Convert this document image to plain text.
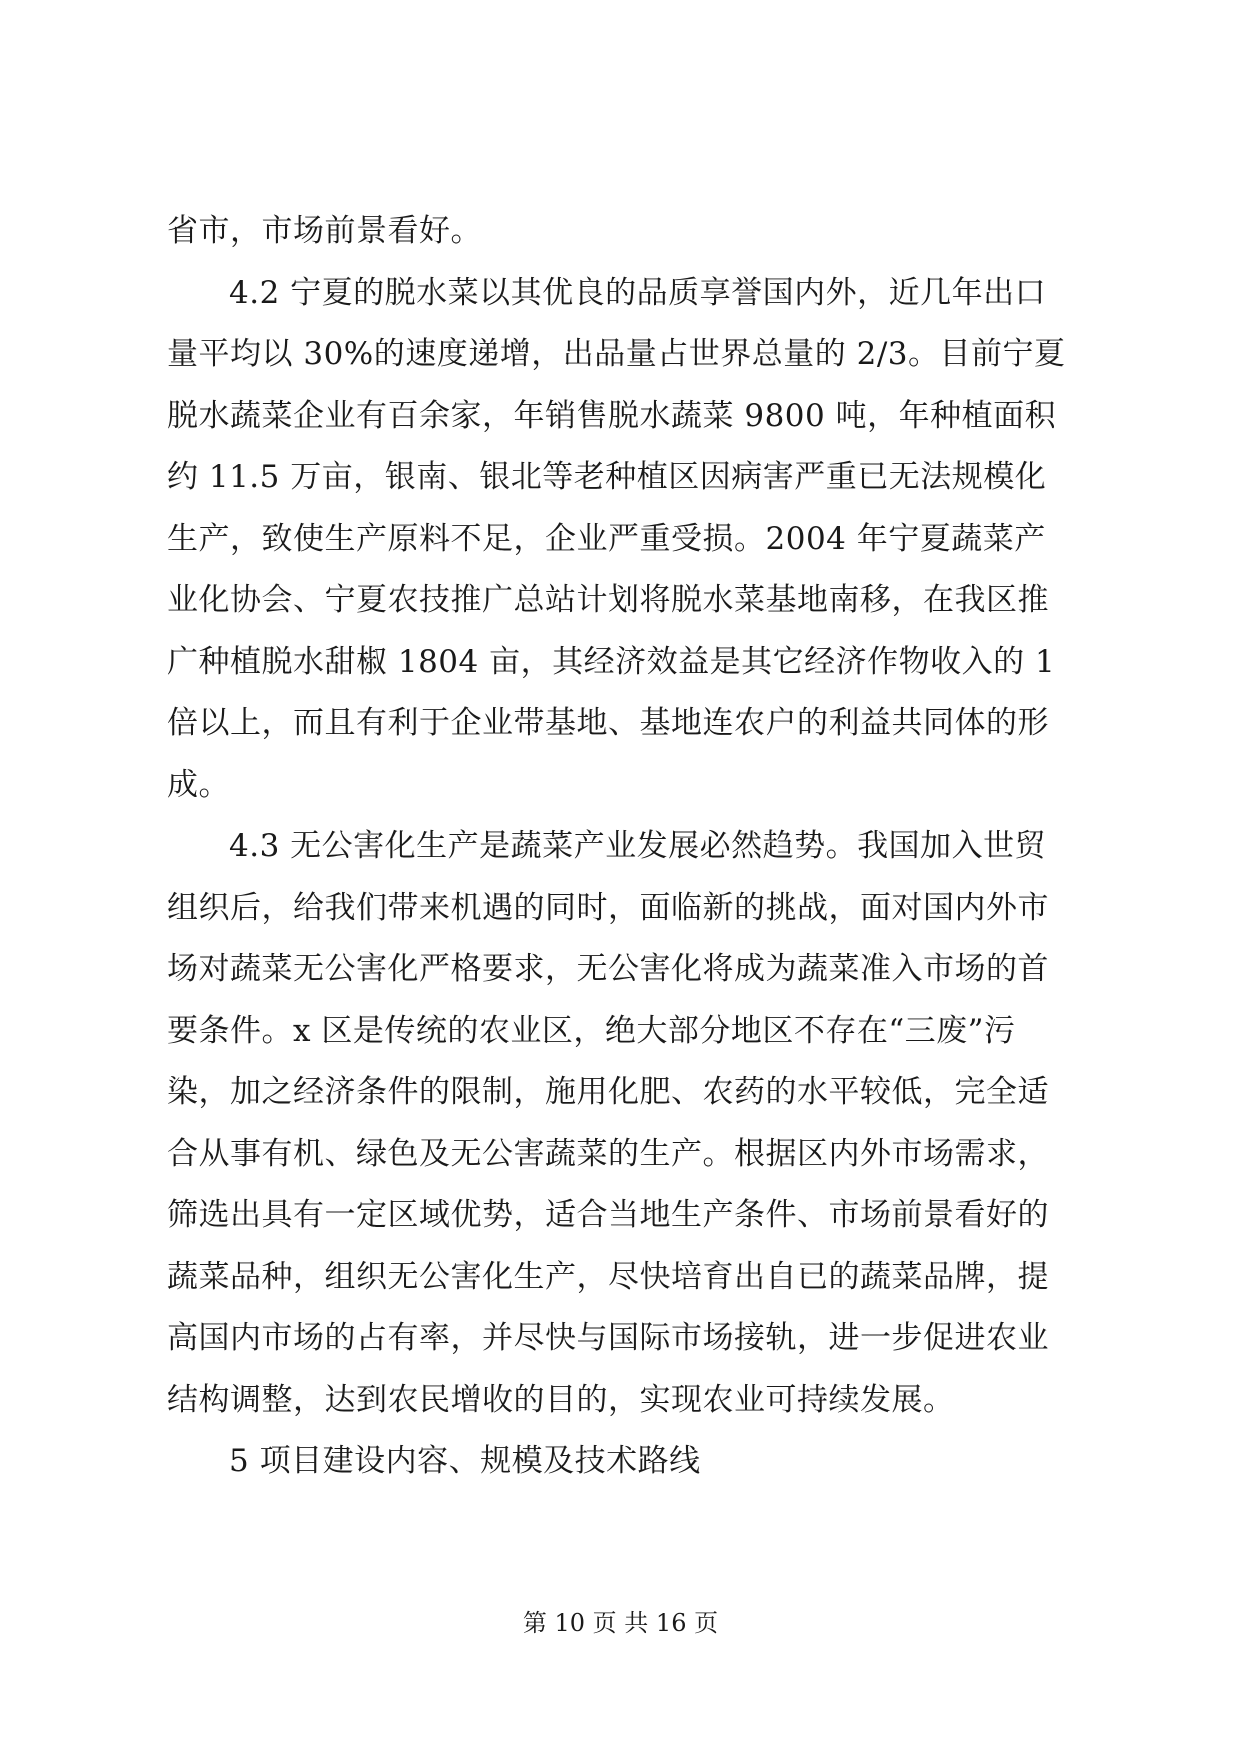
省市，市场前景看好。
4.2 宁夏的脱水菜以其优良的品质享誉国内外，近几年出口
量平均以 30%的速度递增，出品量占世界总量的 2/3。目前宁夏
脱水蔬菜企业有百余家，年销售脱水蔬菜 9800 吨，年种植面积
约 11.5 万亩，银南、银北等老种植区因病害严重已无法规模化
生产，致使生产原料不足，企业严重受损。2004 年宁夏蔬菜产
业化协会、宁夏农技推广总站计划将脱水菜基地南移，在我区推
广种植脱水甜椒 1804 亩，其经济效益是其它经济作物收入的 1
倍以上，而且有利于企业带基地、基地连农户的利益共同体的形
成。
4.3 无公害化生产是蔬菜产业发展必然趋势。我国加入世贸
组织后，给我们带来机遇的同时，面临新的挑战，面对国内外市
场对蔬菜无公害化严格要求，无公害化将成为蔬菜准入市场的首
要条件。x 区是传统的农业区，绝大部分地区不存在“三废”污
染，加之经济条件的限制，施用化肥、农药的水平较低，完全适
合从事有机、绿色及无公害蔬菜的生产。根据区内外市场需求，
筛选出具有一定区域优势，适合当地生产条件、市场前景看好的
蔬菜品种，组织无公害化生产，尽快培育出自已的蔬菜品牌，提
高国内市场的占有率，并尽快与国际市场接轨，进一步促进农业
结构调整，达到农民增收的目的，实现农业可持续发展。
5 项目建设内容、规模及技术路线
第 10 页 共 16 页
